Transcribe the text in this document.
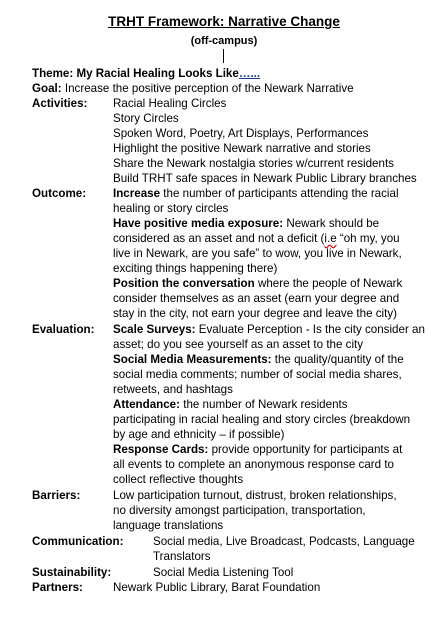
TRHT Framework: Narrative Change
(off-campus)
Theme: My Racial Healing Looks Like…...
Goal: Increase the positive perception of the Newark Narrative
Activities: Racial Healing Circles
Story Circles
Spoken Word, Poetry, Art Displays, Performances
Highlight the positive Newark narrative and stories
Share the Newark nostalgia stories w/current residents
Build TRHT safe spaces in Newark Public Library branches
Outcome: Increase the number of participants attending the racial
healing or story circles
Have positive media exposure: Newark should be
considered as an asset and not a deficit (i.e “oh my, you
live in Newark, are you safe” to wow, you live in Newark,
exciting things happening there)
Position the conversation where the people of Newark
consider themselves as an asset (earn your degree and
stay in the city, not earn your degree and leave the city)
Evaluation: Scale Surveys: Evaluate Perception - Is the city consider an
asset; do you see yourself as an asset to the city
Social Media Measurements: the quality/quantity of the
social media comments; number of social media shares,
retweets, and hashtags
Attendance: the number of Newark residents
participating in racial healing and story circles (breakdown
by age and ethnicity – if possible)
Response Cards: provide opportunity for participants at
all events to complete an anonymous response card to
collect reflective thoughts
Barriers:	Low participation turnout, distrust, broken relationships,
no diversity amongst participation, transportation,
language translations
Communication:	Social media, Live Broadcast, Podcasts, Language
Translators
Sustainability:	Social Media Listening Tool
Partners:	Newark Public Library, Barat Foundation
